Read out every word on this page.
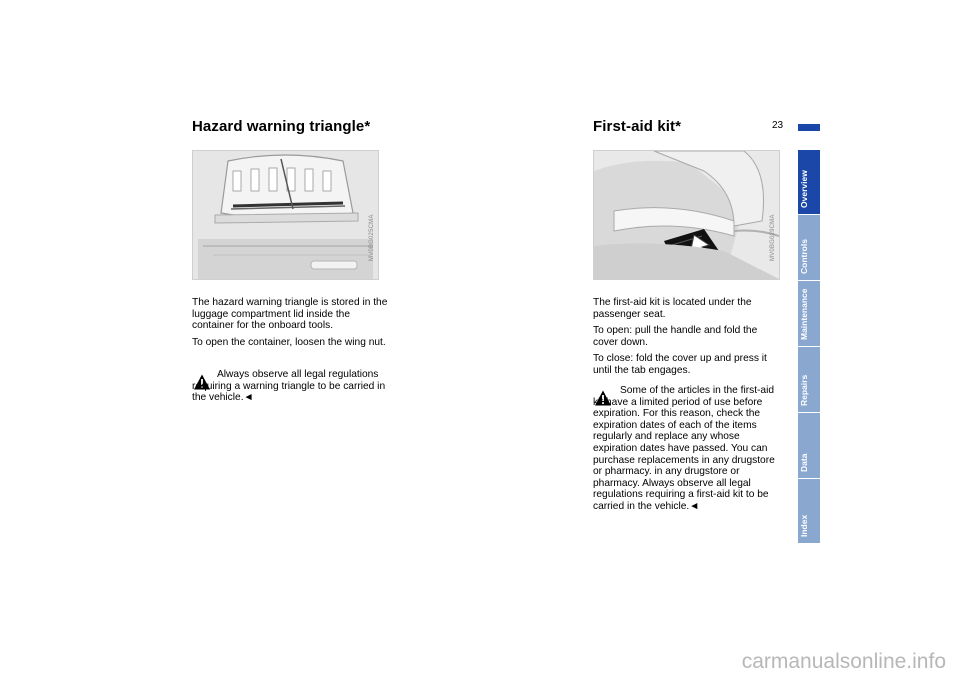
Hazard warning triangle*
MV0BG025CMA

The hazard warning triangle is stored in the luggage compartment lid inside the container for the onboard tools.

To open the container, loosen the wing nut.

Always observe all legal regulations requiring a warning triangle to be carried in the vehicle.◄
First-aid kit*
MV0BG029CMA

The first-aid kit is located under the passenger seat.

To open: pull the handle and fold the cover down.

To close: fold the cover up and press it until the tab engages.

Some of the articles in the first-aid kit have a limited period of use before expiration. For this reason, check the expiration dates of each of the items regularly and replace any whose expiration dates have passed. You can purchase replacements in any drugstore or pharmacy. in any drugstore or pharmacy. Always observe all legal regulations requiring a first-aid kit to be carried in the vehicle.◄
23
Overview
Controls
Maintenance
Repairs
Data
Index
carmanualsonline.info
